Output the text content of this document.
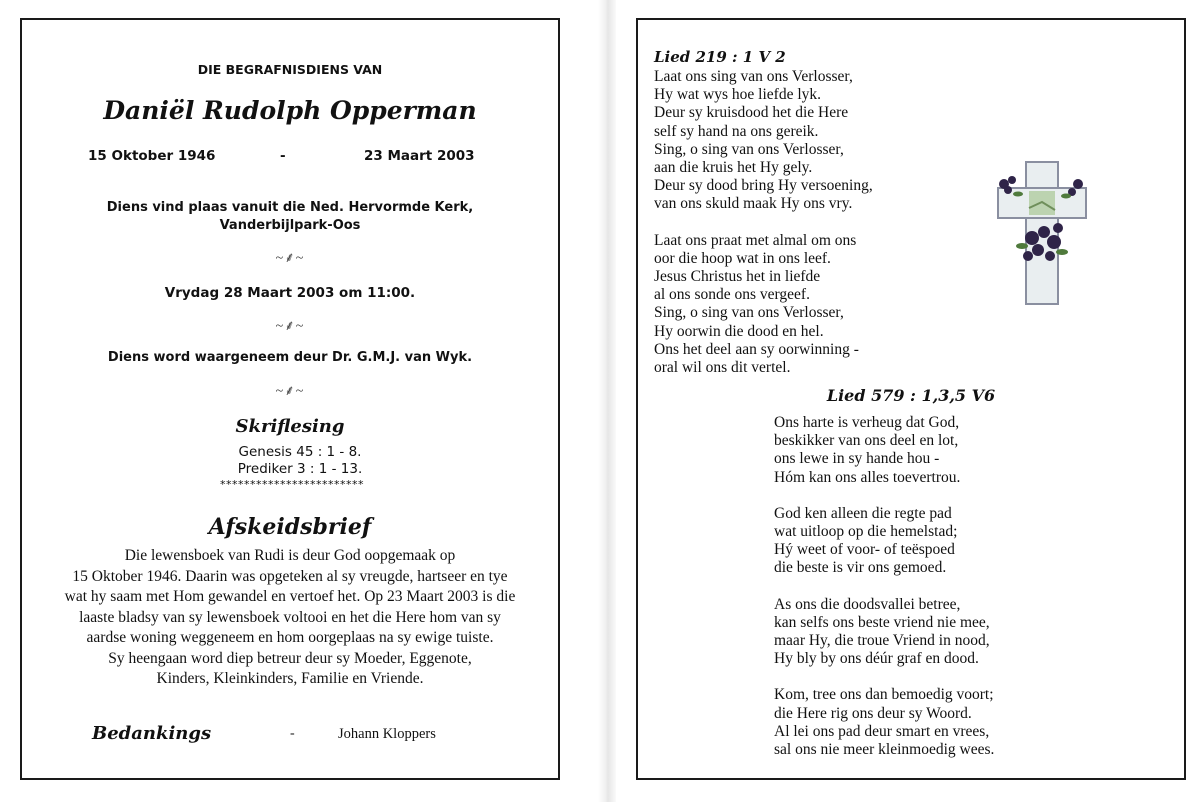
DIE BEGRAFNISDIENS VAN
Daniël Rudolph Opperman
15 Oktober 1946	-	23 Maart 2003
Diens vind plaas vanuit die Ned. Hervormde Kerk,
Vanderbijlpark-Oos
~⸙~
Vrydag 28 Maart 2003 om 11:00.
~⸙~
Diens word waargeneem deur Dr. G.M.J. van Wyk.
~⸙~
Skriflesing
Genesis 45 : 1 - 8.
Prediker 3 : 1 - 13.
************************
Afskeidsbrief
Die lewensboek van Rudi is deur God oopgemaak op
15 Oktober 1946. Daarin was opgeteken al sy vreugde, hartseer en tye
wat hy saam met Hom gewandel en vertoef het. Op 23 Maart 2003 is die
laaste bladsy van sy lewensboek voltooi en het die Here hom van sy
aardse woning weggeneem en hom oorgeplaas na sy ewige tuiste.
Sy heengaan word diep betreur deur sy Moeder, Eggenote,
Kinders, Kleinkinders, Familie en Vriende.
Bedankings	-	Johann Kloppers
Lied 219 : 1 V 2
Laat ons sing van ons Verlosser,
Hy wat wys hoe liefde lyk.
Deur sy kruisdood het die Here
self sy hand na ons gereik.
Sing, o sing van ons Verlosser,
aan die kruis het Hy gely.
Deur sy dood bring Hy versoening,
van ons skuld maak Hy ons vry.
Laat ons praat met almal om ons
oor die hoop wat in ons leef.
Jesus Christus het in liefde
al ons sonde ons vergeef.
Sing, o sing van ons Verlosser,
Hy oorwin die dood en hel.
Ons het deel aan sy oorwinning -
oral wil ons dit vertel.
Lied 579 : 1,3,5 V6
Ons harte is verheug dat God,
beskikker van ons deel en lot,
ons lewe in sy hande hou -
Hóm kan ons alles toevertrou.
God ken alleen die regte pad
wat uitloop op die hemelstad;
Hý weet of voor- of teëspoed
die beste is vir ons gemoed.
As ons die doodsvallei betree,
kan selfs ons beste vriend nie mee,
maar Hy, die troue Vriend in nood,
Hy bly by ons déúr graf en dood.
Kom, tree ons dan bemoedig voort;
die Here rig ons deur sy Woord.
Al lei ons pad deur smart en vrees,
sal ons nie meer kleinmoedig wees.
